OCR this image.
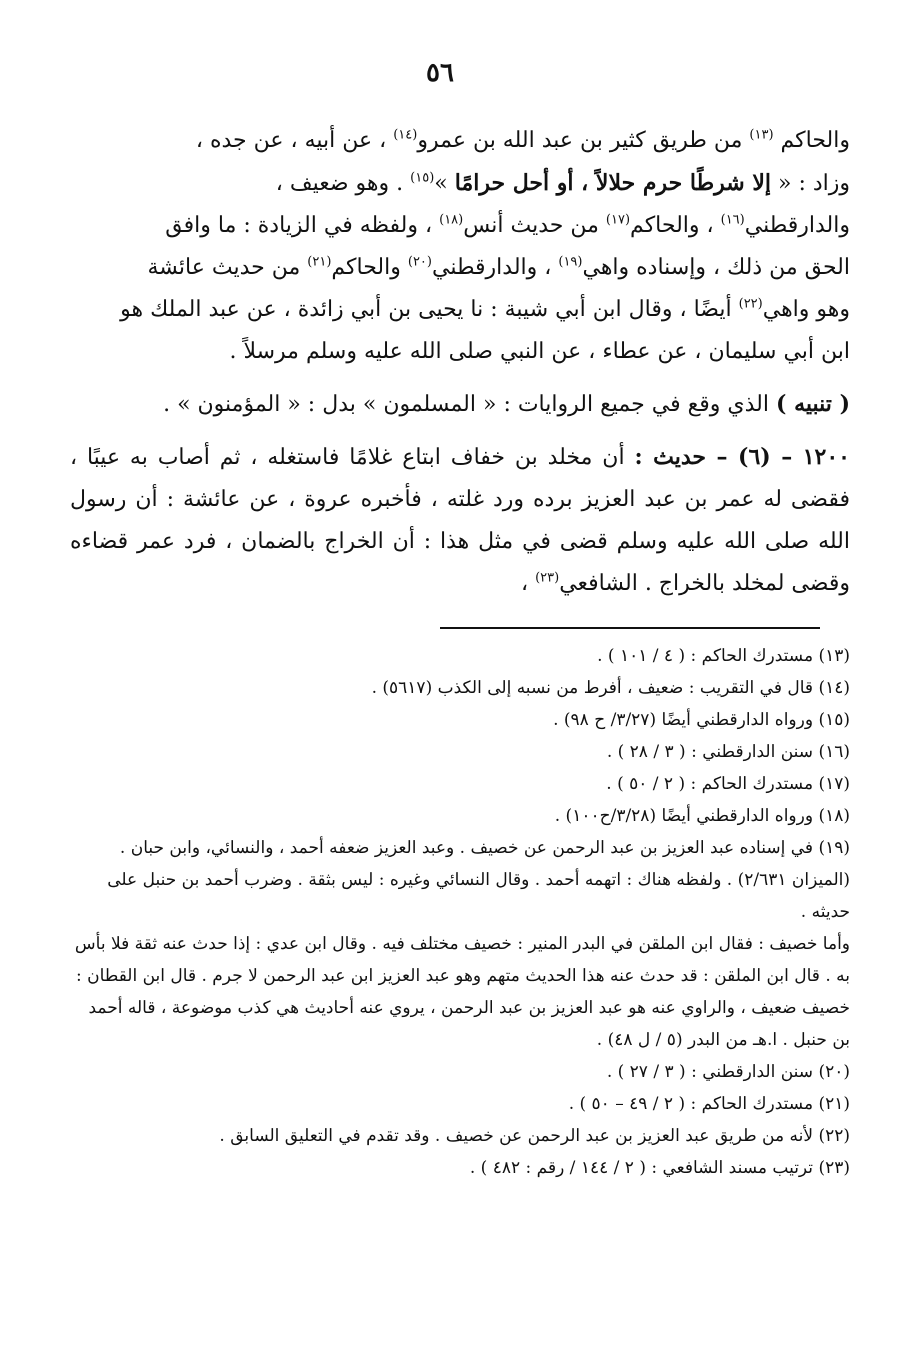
٥٦

والحاكم $^{(١٣)}$ من طريق كثير بن عبد الله بن عمرو$^{(١٤)}$ ، عن أبيه ، عن جده ،

وزاد : « إلا شرطًا حرم حلالاً ، أو أحل حرامًا »$^{(١٥)}$ . وهو ضعيف ،

والدارقطني$^{(١٦)}$ ، والحاكم$^{(١٧)}$ من حديث أنس$^{(١٨)}$ ، ولفظه في الزيادة : ما وافق

الحق من ذلك ، وإسناده واهي$^{(١٩)}$ ، والدارقطني$^{(٢٠)}$ والحاكم$^{(٢١)}$ من حديث عائشة

وهو واهي$^{(٢٢)}$ أيضًا ، وقال ابن أبي شيبة : نا يحيى بن أبي زائدة ، عن عبد الملك هو

ابن أبي سليمان ، عن عطاء ، عن النبي صلى الله عليه وسلم مرسلاً .

( تنبيه ) الذي وقع في جميع الروايات : « المسلمون » بدل : « المؤمنون » .

١٢٠٠ – (٦) – حديث : أن مخلد بن خفاف ابتاع غلامًا فاستغله ، ثم أصاب به عيبًا ، فقضى له عمر بن عبد العزيز برده ورد غلته ، فأخبره عروة ، عن عائشة : أن رسول الله صلى الله عليه وسلم قضى في مثل هذا : أن الخراج بالضمان ، فرد عمر قضاءه وقضى لمخلد بالخراج . الشافعي$^{(٢٣)}$ ،

(١٣) مستدرك الحاكم : ( ٤ / ١٠١ ) .

(١٤) قال في التقريب : ضعيف ، أفرط من نسبه إلى الكذب (٥٦١٧) .

(١٥) ورواه الدارقطني أيضًا (٣/٢٧/ ح ٩٨) .

(١٦) سنن الدارقطني : ( ٣ / ٢٨ ) .

(١٧) مستدرك الحاكم : ( ٢ / ٥٠ ) .

(١٨) ورواه الدارقطني أيضًا (٣/٢٨/ح١٠٠) .

(١٩) في إسناده عبد العزيز بن عبد الرحمن عن خصيف . وعبد العزيز ضعفه أحمد ، والنسائي، وابن حبان . (الميزان ٢/٦٣١) . ولفظه هناك : اتهمه أحمد . وقال النسائي وغيره : ليس بثقة . وضرب أحمد بن حنبل على حديثه .

وأما خصيف : فقال ابن الملقن في البدر المنير : خصيف مختلف فيه . وقال ابن عدي : إذا حدث عنه ثقة فلا بأس به . قال ابن الملقن : قد حدث عنه هذا الحديث متهم وهو عبد العزيز ابن عبد الرحمن لا جرم . قال ابن القطان : خصيف ضعيف ، والراوي عنه هو عبد العزيز بن عبد الرحمن ، يروي عنه أحاديث هي كذب موضوعة ، قاله أحمد بن حنبل . ا.هـ من البدر (٥ / ل ٤٨) .

(٢٠) سنن الدارقطني : ( ٣ / ٢٧ ) .

(٢١) مستدرك الحاكم : ( ٢ / ٤٩ – ٥٠ ) .

(٢٢) لأنه من طريق عبد العزيز بن عبد الرحمن عن خصيف . وقد تقدم في التعليق السابق .

(٢٣) ترتيب مسند الشافعي : ( ٢ / ١٤٤ / رقم : ٤٨٢ ) .
